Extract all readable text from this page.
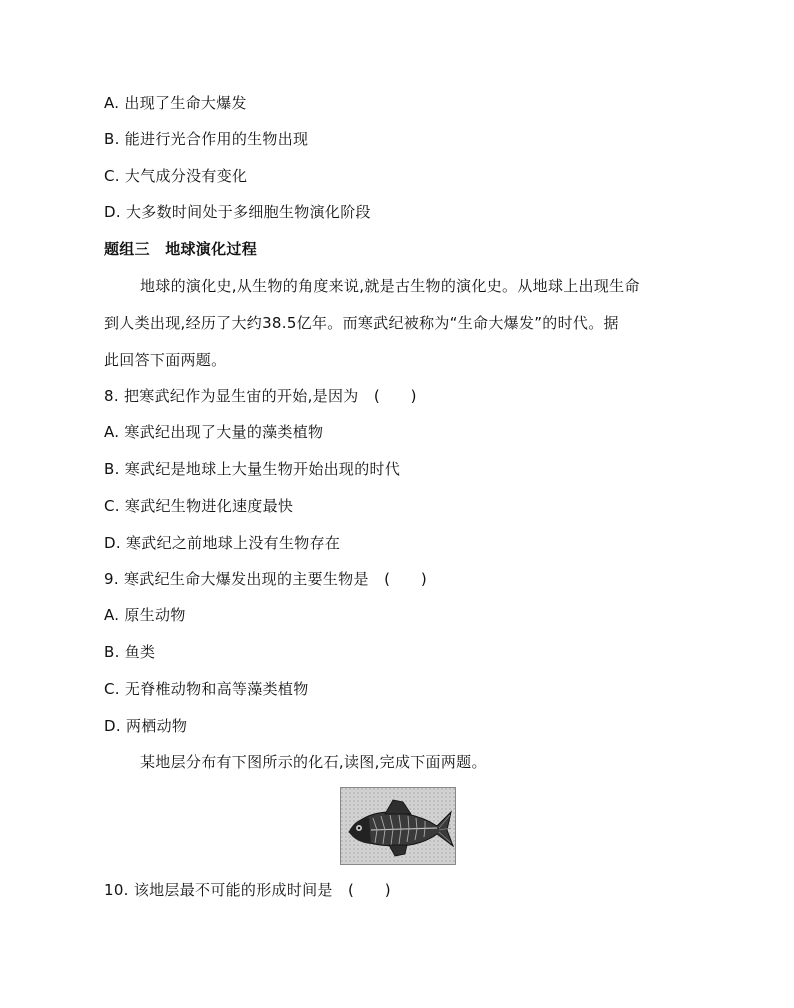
A. 出现了生命大爆发
B. 能进行光合作用的生物出现
C. 大气成分没有变化
D. 大多数时间处于多细胞生物演化阶段
题组三　地球演化过程
地球的演化史,从生物的角度来说,就是古生物的演化史。从地球上出现生命
到人类出现,经历了大约38.5亿年。而寒武纪被称为“生命大爆发”的时代。据
此回答下面两题。
8. 把寒武纪作为显生宙的开始,是因为　(　　)
A. 寒武纪出现了大量的藻类植物
B. 寒武纪是地球上大量生物开始出现的时代
C. 寒武纪生物进化速度最快
D. 寒武纪之前地球上没有生物存在
9. 寒武纪生命大爆发出现的主要生物是　(　　)
A. 原生动物
B. 鱼类
C. 无脊椎动物和高等藻类植物
D. 两栖动物
某地层分布有下图所示的化石,读图,完成下面两题。
10. 该地层最不可能的形成时间是　(　　)
